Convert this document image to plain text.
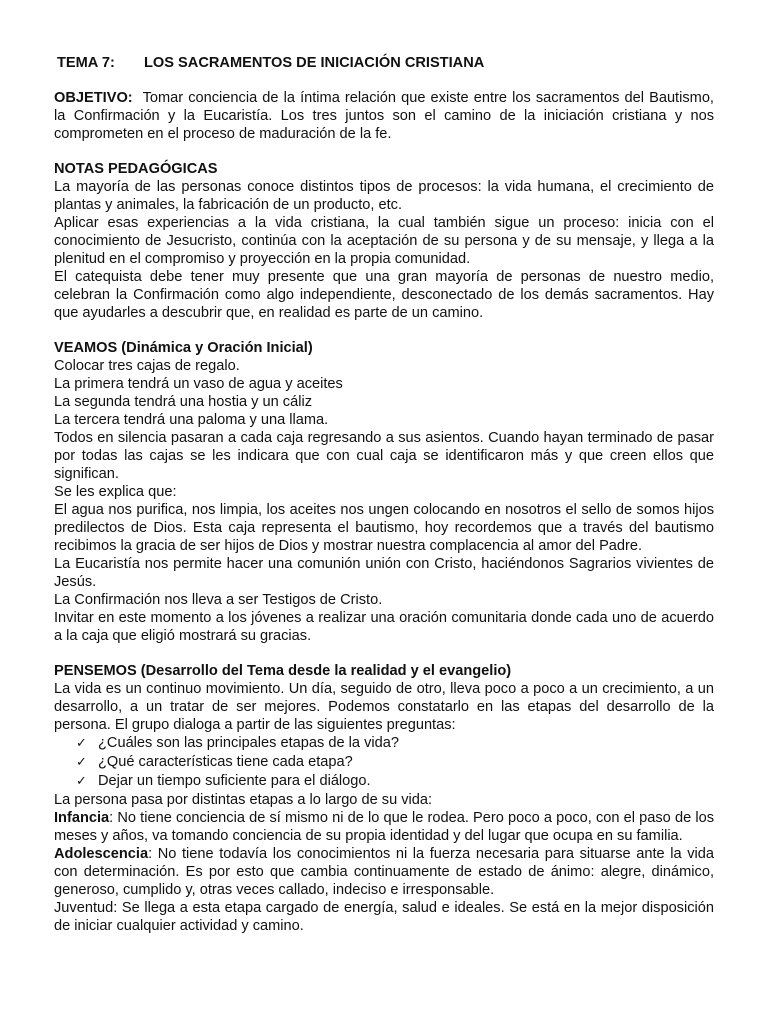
TEMA 7:	LOS SACRAMENTOS DE INICIACIÓN CRISTIANA

OBJETIVO: Tomar conciencia de la íntima relación que existe entre los sacramentos del Bautismo, la Confirmación y la Eucaristía. Los tres juntos son el camino de la iniciación cristiana y nos comprometen en el proceso de maduración de la fe.

NOTAS PEDAGÓGICAS

La mayoría de las personas conoce distintos tipos de procesos: la vida humana, el crecimiento de plantas y animales, la fabricación de un producto, etc.

Aplicar esas experiencias a la vida cristiana, la cual también sigue un proceso: inicia con el conocimiento de Jesucristo, continúa con la aceptación de su persona y de su mensaje, y llega a la plenitud en el compromiso y proyección en la propia comunidad.

El catequista debe tener muy presente que una gran mayoría de personas de nuestro medio, celebran la Confirmación como algo independiente, desconectado de los demás sacramentos. Hay que ayudarles a descubrir que, en realidad es parte de un camino.

VEAMOS (Dinámica y Oración Inicial)

Colocar tres cajas de regalo.

La primera tendrá un vaso de agua y aceites

La segunda tendrá una hostia y un cáliz

La tercera tendrá una paloma y una llama.

Todos en silencia pasaran a cada caja regresando a sus asientos. Cuando hayan terminado de pasar por todas las cajas se les indicara que con cual caja se identificaron más y que creen ellos que significan.

Se les explica que:

El agua nos purifica, nos limpia, los aceites nos ungen colocando en nosotros el sello de somos hijos predilectos de Dios. Esta caja representa el bautismo, hoy recordemos que a través del bautismo recibimos la gracia de ser hijos de Dios y mostrar nuestra complacencia al amor del Padre.

La Eucaristía nos permite hacer una comunión unión con Cristo, haciéndonos Sagrarios vivientes de Jesús.

La Confirmación nos lleva a ser Testigos de Cristo.

Invitar en este momento a los jóvenes a realizar una oración comunitaria donde cada uno de acuerdo a la caja que eligió mostrará su gracias.

PENSEMOS (Desarrollo del Tema desde la realidad y el evangelio)

La vida es un continuo movimiento. Un día, seguido de otro, lleva poco a poco a un crecimiento, a un desarrollo, a un tratar de ser mejores. Podemos constatarlo en las etapas del desarrollo de la persona. El grupo dialoga a partir de las siguientes preguntas:

✓ ¿Cuáles son las principales etapas de la vida?
✓ ¿Qué características tiene cada etapa?
✓ Dejar un tiempo suficiente para el diálogo.

La persona pasa por distintas etapas a lo largo de su vida:

Infancia: No tiene conciencia de sí mismo ni de lo que le rodea. Pero poco a poco, con el paso de los meses y años, va tomando conciencia de su propia identidad y del lugar que ocupa en su familia.

Adolescencia: No tiene todavía los conocimientos ni la fuerza necesaria para situarse ante la vida con determinación. Es por esto que cambia continuamente de estado de ánimo: alegre, dinámico, generoso, cumplido y, otras veces callado, indeciso e irresponsable.

Juventud: Se llega a esta etapa cargado de energía, salud e ideales. Se está en la mejor disposición de iniciar cualquier actividad y camino.
